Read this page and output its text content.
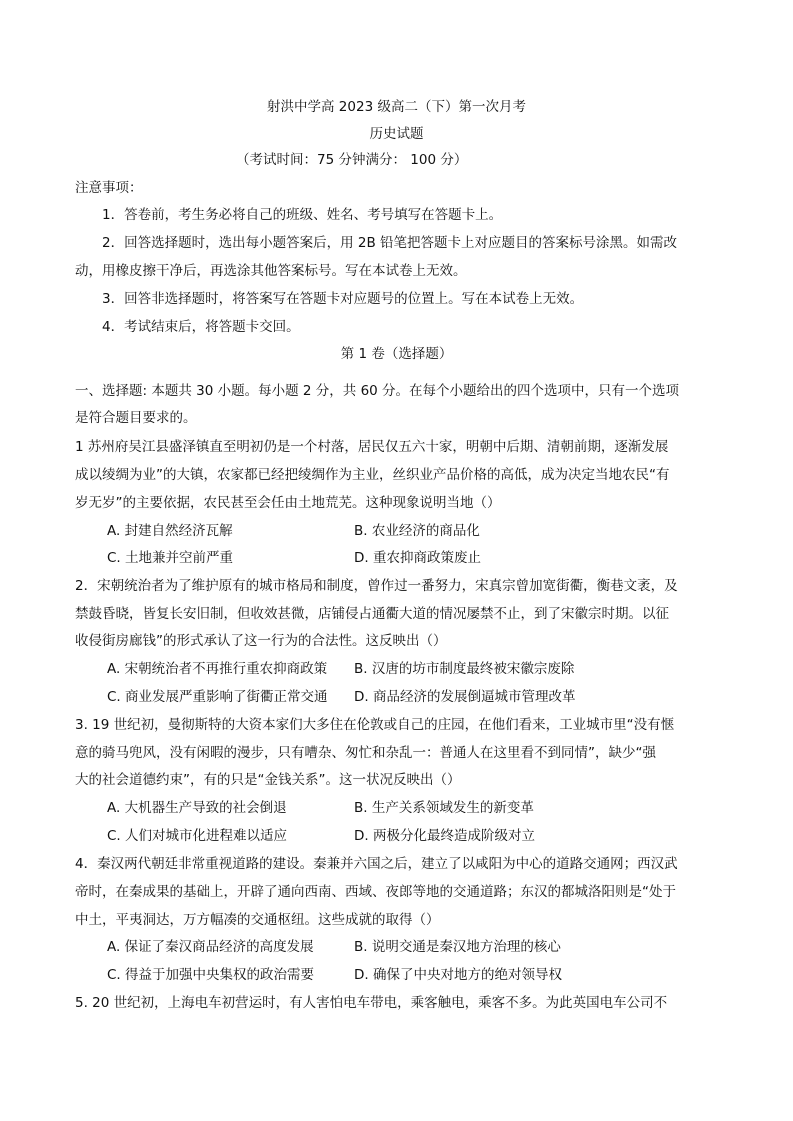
射洪中学高 2023 级高二（下）第一次月考
历史试题
（考试时间：75 分钟满分： 100 分）
注意事项：
1．答卷前，考生务必将自己的班级、姓名、考号填写在答题卡上。
2．回答选择题时，选出每小题答案后，用 2B 铅笔把答题卡上对应题目的答案标号涂黑。如需改
动，用橡皮擦干净后，再选涂其他答案标号。写在本试卷上无效。
3．回答非选择题时，将答案写在答题卡对应题号的位置上。写在本试卷上无效。
4．考试结束后，将答题卡交回。
第 1 卷（选择题）
一、选择题: 本题共 30 小题。每小题 2 分，共 60 分。在每个小题给出的四个选项中，只有一个选项
是符合题目要求的。
1 苏州府吴江县盛泽镇直至明初仍是一个村落，居民仅五六十家，明朝中后期、清朝前期，逐渐发展
成以绫绸为业”的大镇，农家都已经把绫绸作为主业，丝织业产品价格的高低，成为决定当地农民“有
岁无岁”的主要依据，农民甚至会任由土地荒芜。这种现象说明当地（）
A. 封建自然经济瓦解	B. 农业经济的商品化
C. 土地兼并空前严重	D. 重农抑商政策废止
2．宋朝统治者为了维护原有的城市格局和制度，曾作过一番努力，宋真宗曾加宽街衢，衡巷文袤，及
禁鼓昏晓，皆复长安旧制，但收效甚微，店铺侵占通衢大道的情况屡禁不止，到了宋徽宗时期。以征
收侵街房廊钱”的形式承认了这一行为的合法性。这反映出（）
A. 宋朝统治者不再推行重农抑商政策 B. 汉唐的坊市制度最终被宋徽宗废除
C. 商业发展严重影响了街衢正常交通 D. 商品经济的发展倒逼城市管理改革
3. 19 世纪初，曼彻斯特的大资本家们大多住在伦敦或自己的庄园，在他们看来，工业城市里“没有惬
意的骑马兜风，没有闲暇的漫步，只有嘈杂、匆忙和杂乱一：普通人在这里看不到同情”，缺少“强
大的社会道德约束”，有的只是“金钱关系”。这一状况反映出（）
A. 大机器生产导致的社会倒退	B. 生产关系领域发生的新变革
C. 人们对城市化进程难以适应	D. 两极分化最终造成阶级对立
4．秦汉两代朝廷非常重视道路的建设。秦兼并六国之后，建立了以咸阳为中心的道路交通网；西汉武
帝时，在秦成果的基础上，开辟了通向西南、西域、夜郎等地的交通道路；东汉的都城洛阳则是“处于
中土，平夷洞达，万方幅凑的交通枢纽。这些成就的取得（）
A. 保证了秦汉商品经济的高度发展	B. 说明交通是秦汉地方治理的核心
C. 得益于加强中央集权的政治需要	D. 确保了中央对地方的绝对领导权
5. 20 世纪初，上海电车初营运时，有人害怕电车带电，乘客触电，乘客不多。为此英国电车公司不
